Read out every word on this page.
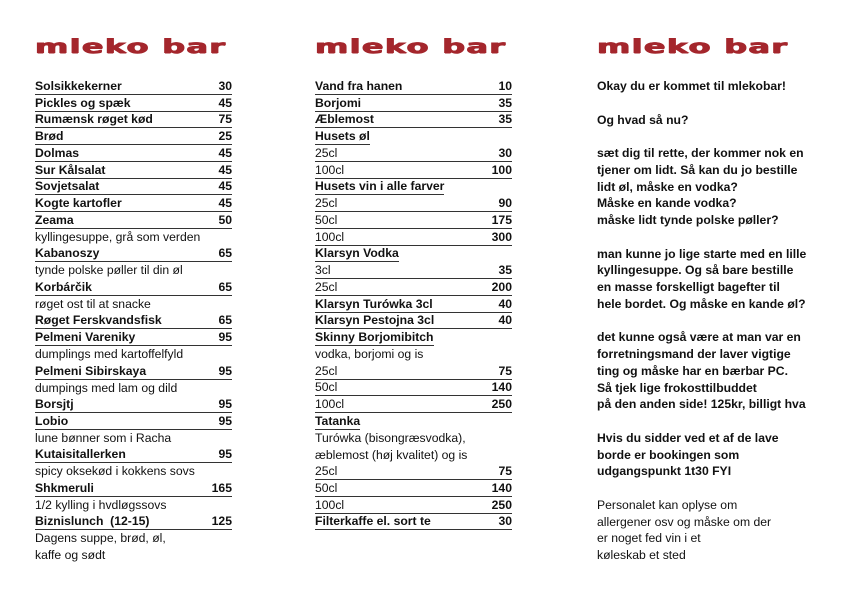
mleko bar
Solsikkekerner	30
Pickles og spæk	45
Rumænsk røget kød	75
Brød	25
Dolmas	45
Sur Kålsalat	45
Sovjetsalat	45
Kogte kartofler	45
Zeama	50
kyllingesuppe, grå som verden
Kabanoszy	65
tynde polske pøller til din øl
Korbárčik	65
røget ost til at snacke
Røget Ferskvandsfisk	65
Pelmeni Vareniky	95
dumplings med kartoffelfyld
Pelmeni Sibirskaya	95
dumpings med lam og dild
Borsjtj	95
Lobio	95
lune bønner som i Racha
Kutaisitallerken	95
spicy oksekød i kokkens sovs
Shkmeruli	165
1/2 kylling i hvdløgssovs
Biznislunch  (12-15)	125
Dagens suppe, brød, øl,
kaffe og sødt
mleko bar
Vand fra hanen	10
Borjomi	35
Æblemost	35
Husets øl
25cl	30
100cl	100
Husets vin i alle farver
25cl	90
50cl	175
100cl	300
Klarsyn Vodka
3cl	35
25cl	200
Klarsyn Turówka 3cl	40
Klarsyn Pestojna 3cl	40
Skinny Borjomibitch
vodka, borjomi og is
25cl	75
50cl	140
100cl	250
Tatanka
Turówka (bisongræsvodka),
æblemost (høj kvalitet) og is
25cl	75
50cl	140
100cl	250
Filterkaffe el. sort te	30
mleko bar

Okay du er kommet til mlekobar!

Og hvad så nu?

sæt dig til rette, der kommer nok en
tjener om lidt. Så kan du jo bestille
lidt øl, måske en vodka?
Måske en kande vodka?
måske lidt tynde polske pøller?

man kunne jo lige starte med en lille
kyllingesuppe. Og så bare bestille
en masse forskelligt bagefter til
hele bordet. Og måske en kande øl?

det kunne også være at man var en
forretningsmand der laver vigtige
ting og måske har en bærbar PC.
Så tjek lige frokosttilbuddet
på den anden side! 125kr, billigt hva

Hvis du sidder ved et af de lave
borde er bookingen som
udgangspunkt 1t30 FYI

Personalet kan oplyse om
allergener osv og måske om der
er noget fed vin i et
køleskab et sted
